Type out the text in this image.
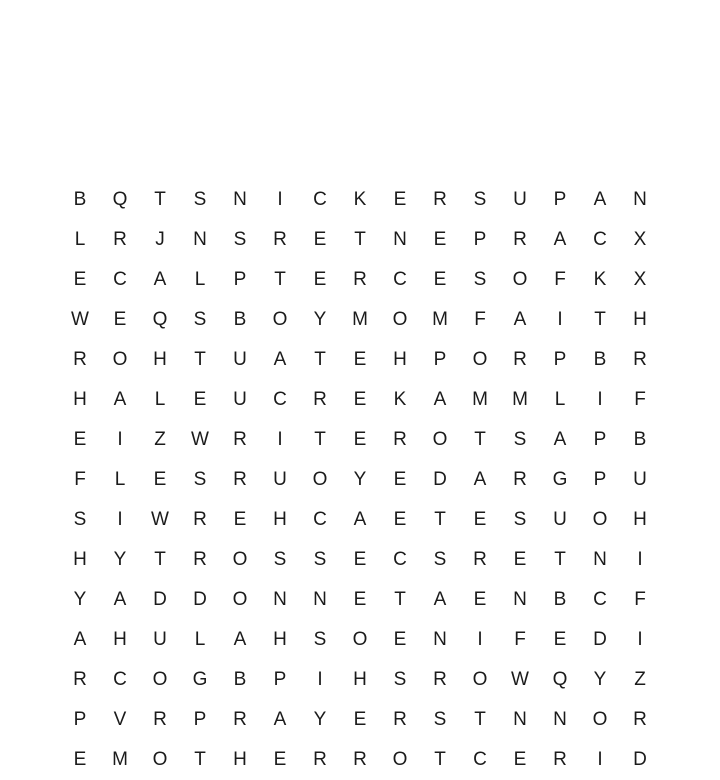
B	Q	T	S	N	I	C	K	E	R	S	U	P	A	N
L	R	J	N	S	R	E	T	N	E	P	R	A	C	X
E	C	A	L	P	T	E	R	C	E	S	O	F	K	X
W	E	Q	S	B	O	Y	M	O	M	F	A	I	T	H
R	O	H	T	U	A	T	E	H	P	O	R	P	B	R
H	A	L	E	U	C	R	E	K	A	M	M	L	I	F
E	I	Z	W	R	I	T	E	R	O	T	S	A	P	B
F	L	E	S	R	U	O	Y	E	D	A	R	G	P	U
S	I	W	R	E	H	C	A	E	T	E	S	U	O	H
H	Y	T	R	O	S	S	E	C	S	R	E	T	N	I
Y	A	D	D	O	N	N	E	T	A	E	N	B	C	F
A	H	U	L	A	H	S	O	E	N	I	F	E	D	I
R	C	O	G	B	P	I	H	S	R	O	W	Q	Y	Z
P	V	R	P	R	A	Y	E	R	S	T	N	N	O	R
E	M	O	T	H	E	R	R	O	T	C	E	R	I	D
